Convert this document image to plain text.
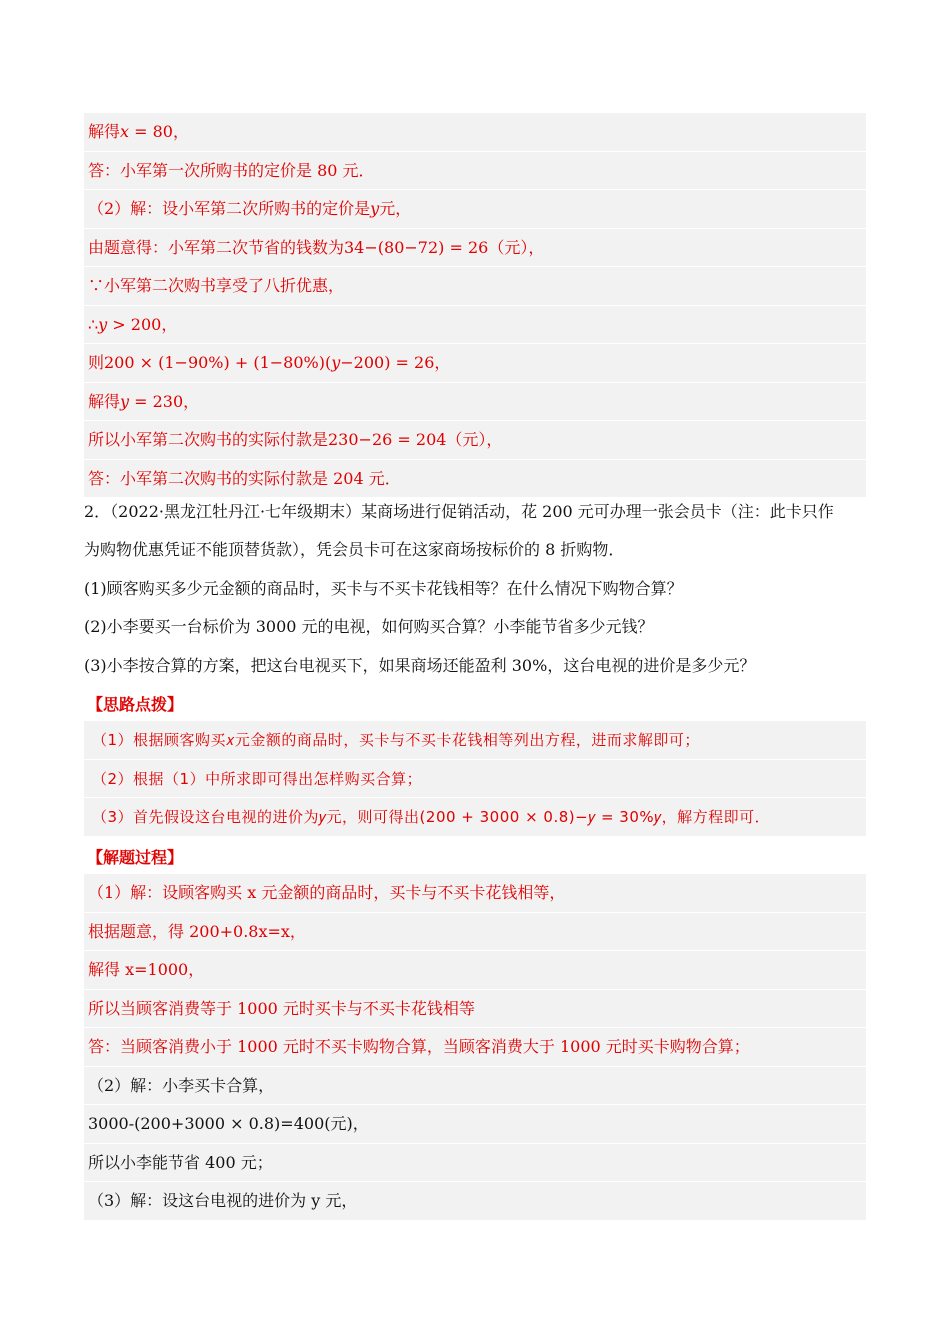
解得𝑥 = 80，
答：小军第一次所购书的定价是 80 元．
（2）解：设小军第二次所购书的定价是𝑦元，
由题意得：小军第二次节省的钱数为34−(80−72) = 26（元），
∵小军第二次购书享受了八折优惠，
∴𝑦 > 200，
则200 × (1−90%) + (1−80%)(𝑦−200) = 26，
解得𝑦 = 230，
所以小军第二次购书的实际付款是230−26 = 204（元），
答：小军第二次购书的实际付款是 204 元．
2．（2022·黑龙江牡丹江·七年级期末）某商场进行促销活动，花 200 元可办理一张会员卡（注：此卡只作
为购物优惠凭证不能顶替货款），凭会员卡可在这家商场按标价的 8 折购物．
(1)顾客购买多少元金额的商品时，买卡与不买卡花钱相等？在什么情况下购物合算？
(2)小李要买一台标价为 3000 元的电视，如何购买合算？小李能节省多少元钱？
(3)小李按合算的方案，把这台电视买下，如果商场还能盈利 30%，这台电视的进价是多少元？
【思路点拨】
（1）根据顾客购买𝑥元金额的商品时，买卡与不买卡花钱相等列出方程，进而求解即可；
（2）根据（1）中所求即可得出怎样购买合算；
（3）首先假设这台电视的进价为𝑦元，则可得出(200 + 3000 × 0.8)−𝑦 = 30%𝑦，解方程即可．
【解题过程】
（1）解：设顾客购买 x 元金额的商品时，买卡与不买卡花钱相等，
根据题意，得 200+0.8x=x，
解得 x=1000，
所以当顾客消费等于 1000 元时买卡与不买卡花钱相等
答：当顾客消费小于 1000 元时不买卡购物合算，当顾客消费大于 1000 元时买卡购物合算；
（2）解：小李买卡合算，
3000-(200+3000 × 0.8)=400(元)，
所以小李能节省 400 元；
（3）解：设这台电视的进价为 y 元，
